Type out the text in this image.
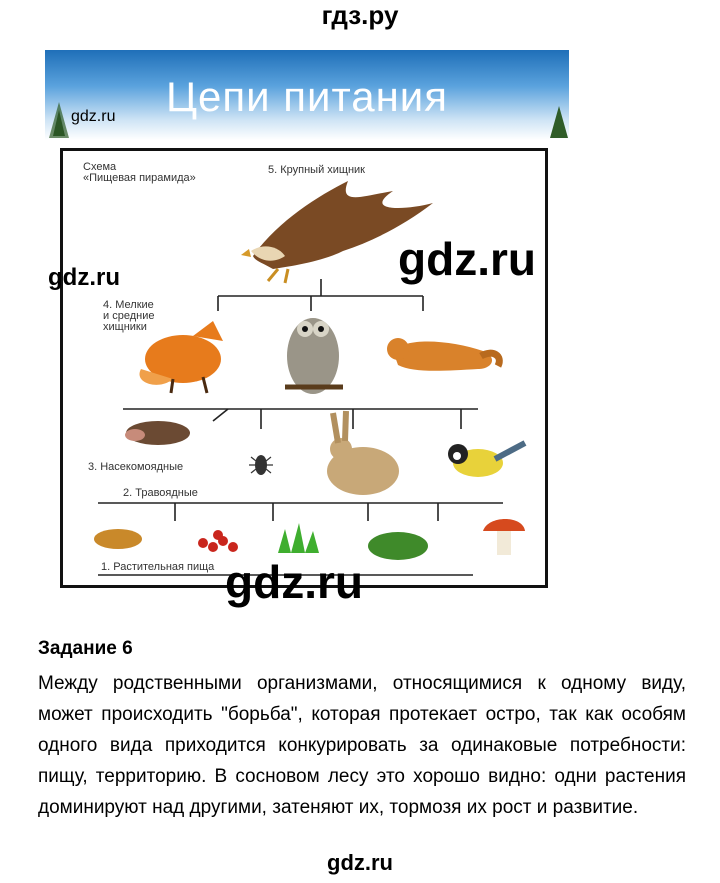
гдз.ру
Цепи питания
gdz.ru
Схема
«Пищевая пирамида»
5. Крупный хищник
4. Мелкие
и средние
хищники
3. Насекомоядные
2. Травоядные
1. Растительная пища
gdz.ru	gdz.ru
gdz.ru
Задание 6
Между родственными организмами, относящимися к одному виду,
может происходить "борьба", которая протекает остро, так как особям
одного вида приходится конкурировать за одинаковые потребности:
пищу, территорию. В сосновом лесу это хорошо видно: одни растения
доминируют над другими, затеняют их, тормозя их рост и развитие.
gdz.ru
